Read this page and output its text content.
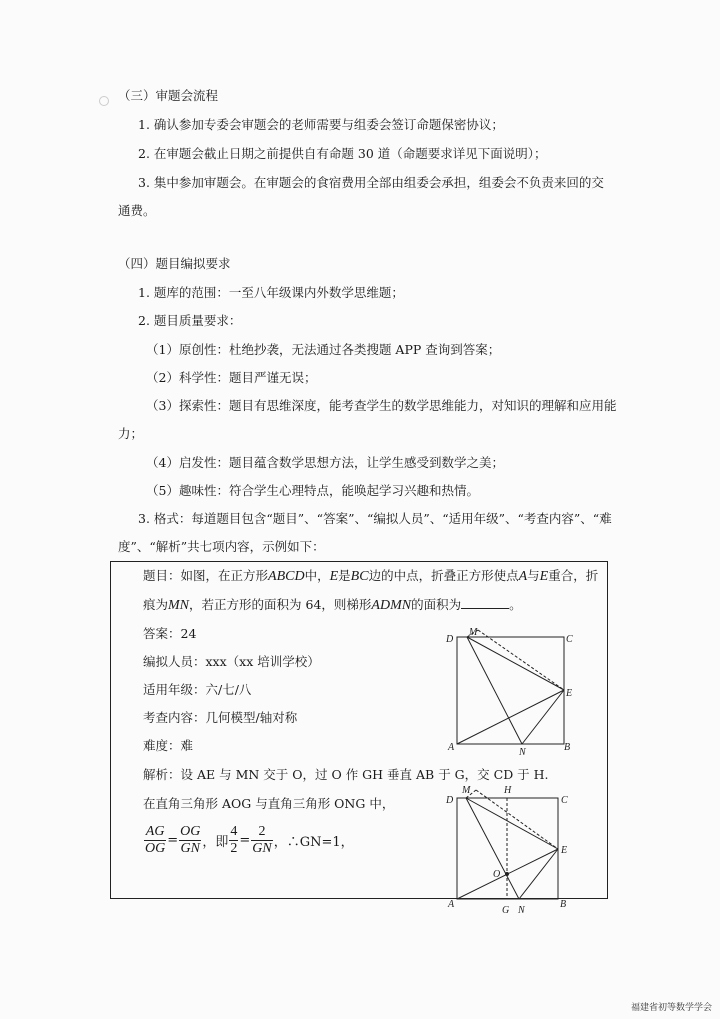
（三）审题会流程
1. 确认参加专委会审题会的老师需要与组委会签订命题保密协议；
2. 在审题会截止日期之前提供自有命题 30 道（命题要求详见下面说明）；
3. 集中参加审题会。在审题会的食宿费用全部由组委会承担，组委会不负责来回的交
通费。
（四）题目编拟要求
1. 题库的范围：一至八年级课内外数学思维题；
2. 题目质量要求：
（1）原创性：杜绝抄袭，无法通过各类搜题 APP 查询到答案；
（2）科学性：题目严谨无误；
（3）探索性：题目有思维深度，能考查学生的数学思维能力，对知识的理解和应用能
力；
（4）启发性：题目蕴含数学思想方法，让学生感受到数学之美；
（5）趣味性：符合学生心理特点，能唤起学习兴趣和热情。
3. 格式：每道题目包含“题目”、“答案”、“编拟人员”、“适用年级”、“考查内容”、“难
度”、“解析”共七项内容，示例如下：
题目：如图，在正方形ABCD中，E是BC边的中点，折叠正方形使点A与E重合，折
痕为MN，若正方形的面积为 64，则梯形ADMN的面积为	。
答案：24
编拟人员：xxx（xx 培训学校）
适用年级：六/七/八
考查内容：几何模型/轴对称
难度：难
解析：设 AE 与 MN 交于 O，过 O 作 GH 垂直 AB 于 G，交 CD 于 H.
在直角三角形 AOG 与直角三角形 ONG 中，
$\frac{AG}{OG} = \frac{OG}{GN}$ ，即 $\frac{4}{2} = \frac{2}{GN}$ ，∴GN=1，
D
M
C
E
A	N	B
D
M	H
C
E
O
A
G N
B
福建省初等数学学会
